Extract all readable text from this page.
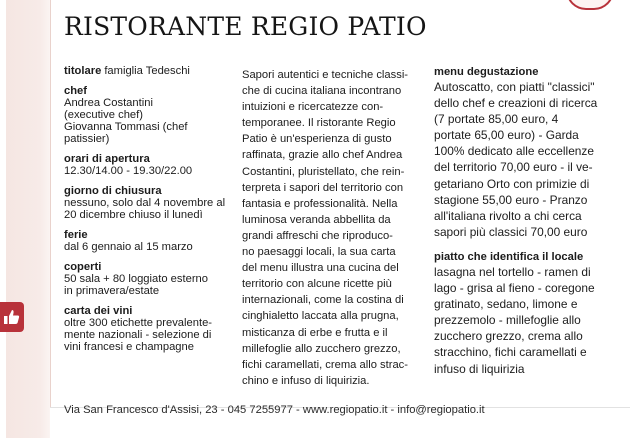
RISTORANTE REGIO PATIO
titolare famiglia Tedeschi
chef
Andrea Costantini
(executive chef)
Giovanna Tommasi (chef
patissier)
orari di apertura
12.30/14.00 - 19.30/22.00
giorno di chiusura
nessuno, solo dal 4 novembre al
20 dicembre chiuso il lunedì
ferie
dal 6 gennaio al 15 marzo
coperti
50 sala + 80 loggiato esterno
in primavera/estate
carta dei vini
oltre 300 etichette prevalente-
mente nazionali - selezione di
vini francesi e champagne
Sapori autentici e tecniche classi-
che di cucina italiana incontrano
intuizioni e ricercatezze con-
temporanee. Il ristorante Regio
Patio è un'esperienza di gusto
raffinata, grazie allo chef Andrea
Costantini, pluristellato, che rein-
terpreta i sapori del territorio con
fantasia e professionalità. Nella
luminosa veranda abbellita da
grandi affreschi che riproduco-
no paesaggi locali, la sua carta
del menu illustra una cucina del
territorio con alcune ricette più
internazionali, come la costina di
cinghialetto laccata alla prugna,
misticanza di erbe e frutta e il
millefoglie allo zucchero grezzo,
fichi caramellati, crema allo strac-
chino e infuso di liquirizia.
menu degustazione
Autoscatto, con piatti "classici"
dello chef e creazioni di ricerca
(7 portate 85,00 euro, 4
portate 65,00 euro) - Garda
100% dedicato alle eccellenze
del territorio 70,00 euro - il ve-
getariano Orto con primizie di
stagione 55,00 euro - Pranzo
all'italiana rivolto a chi cerca
sapori più classici 70,00 euro
piatto che identifica il locale
lasagna nel tortello - ramen di
lago - grisa al fieno - coregone
gratinato, sedano, limone e
prezzemolo - millefoglie allo
zucchero grezzo, crema allo
stracchino, fichi caramellati e
infuso di liquirizia
Via San Francesco d'Assisi, 23 - 045 7255977 - www.regiopatio.it - info@regiopatio.it
